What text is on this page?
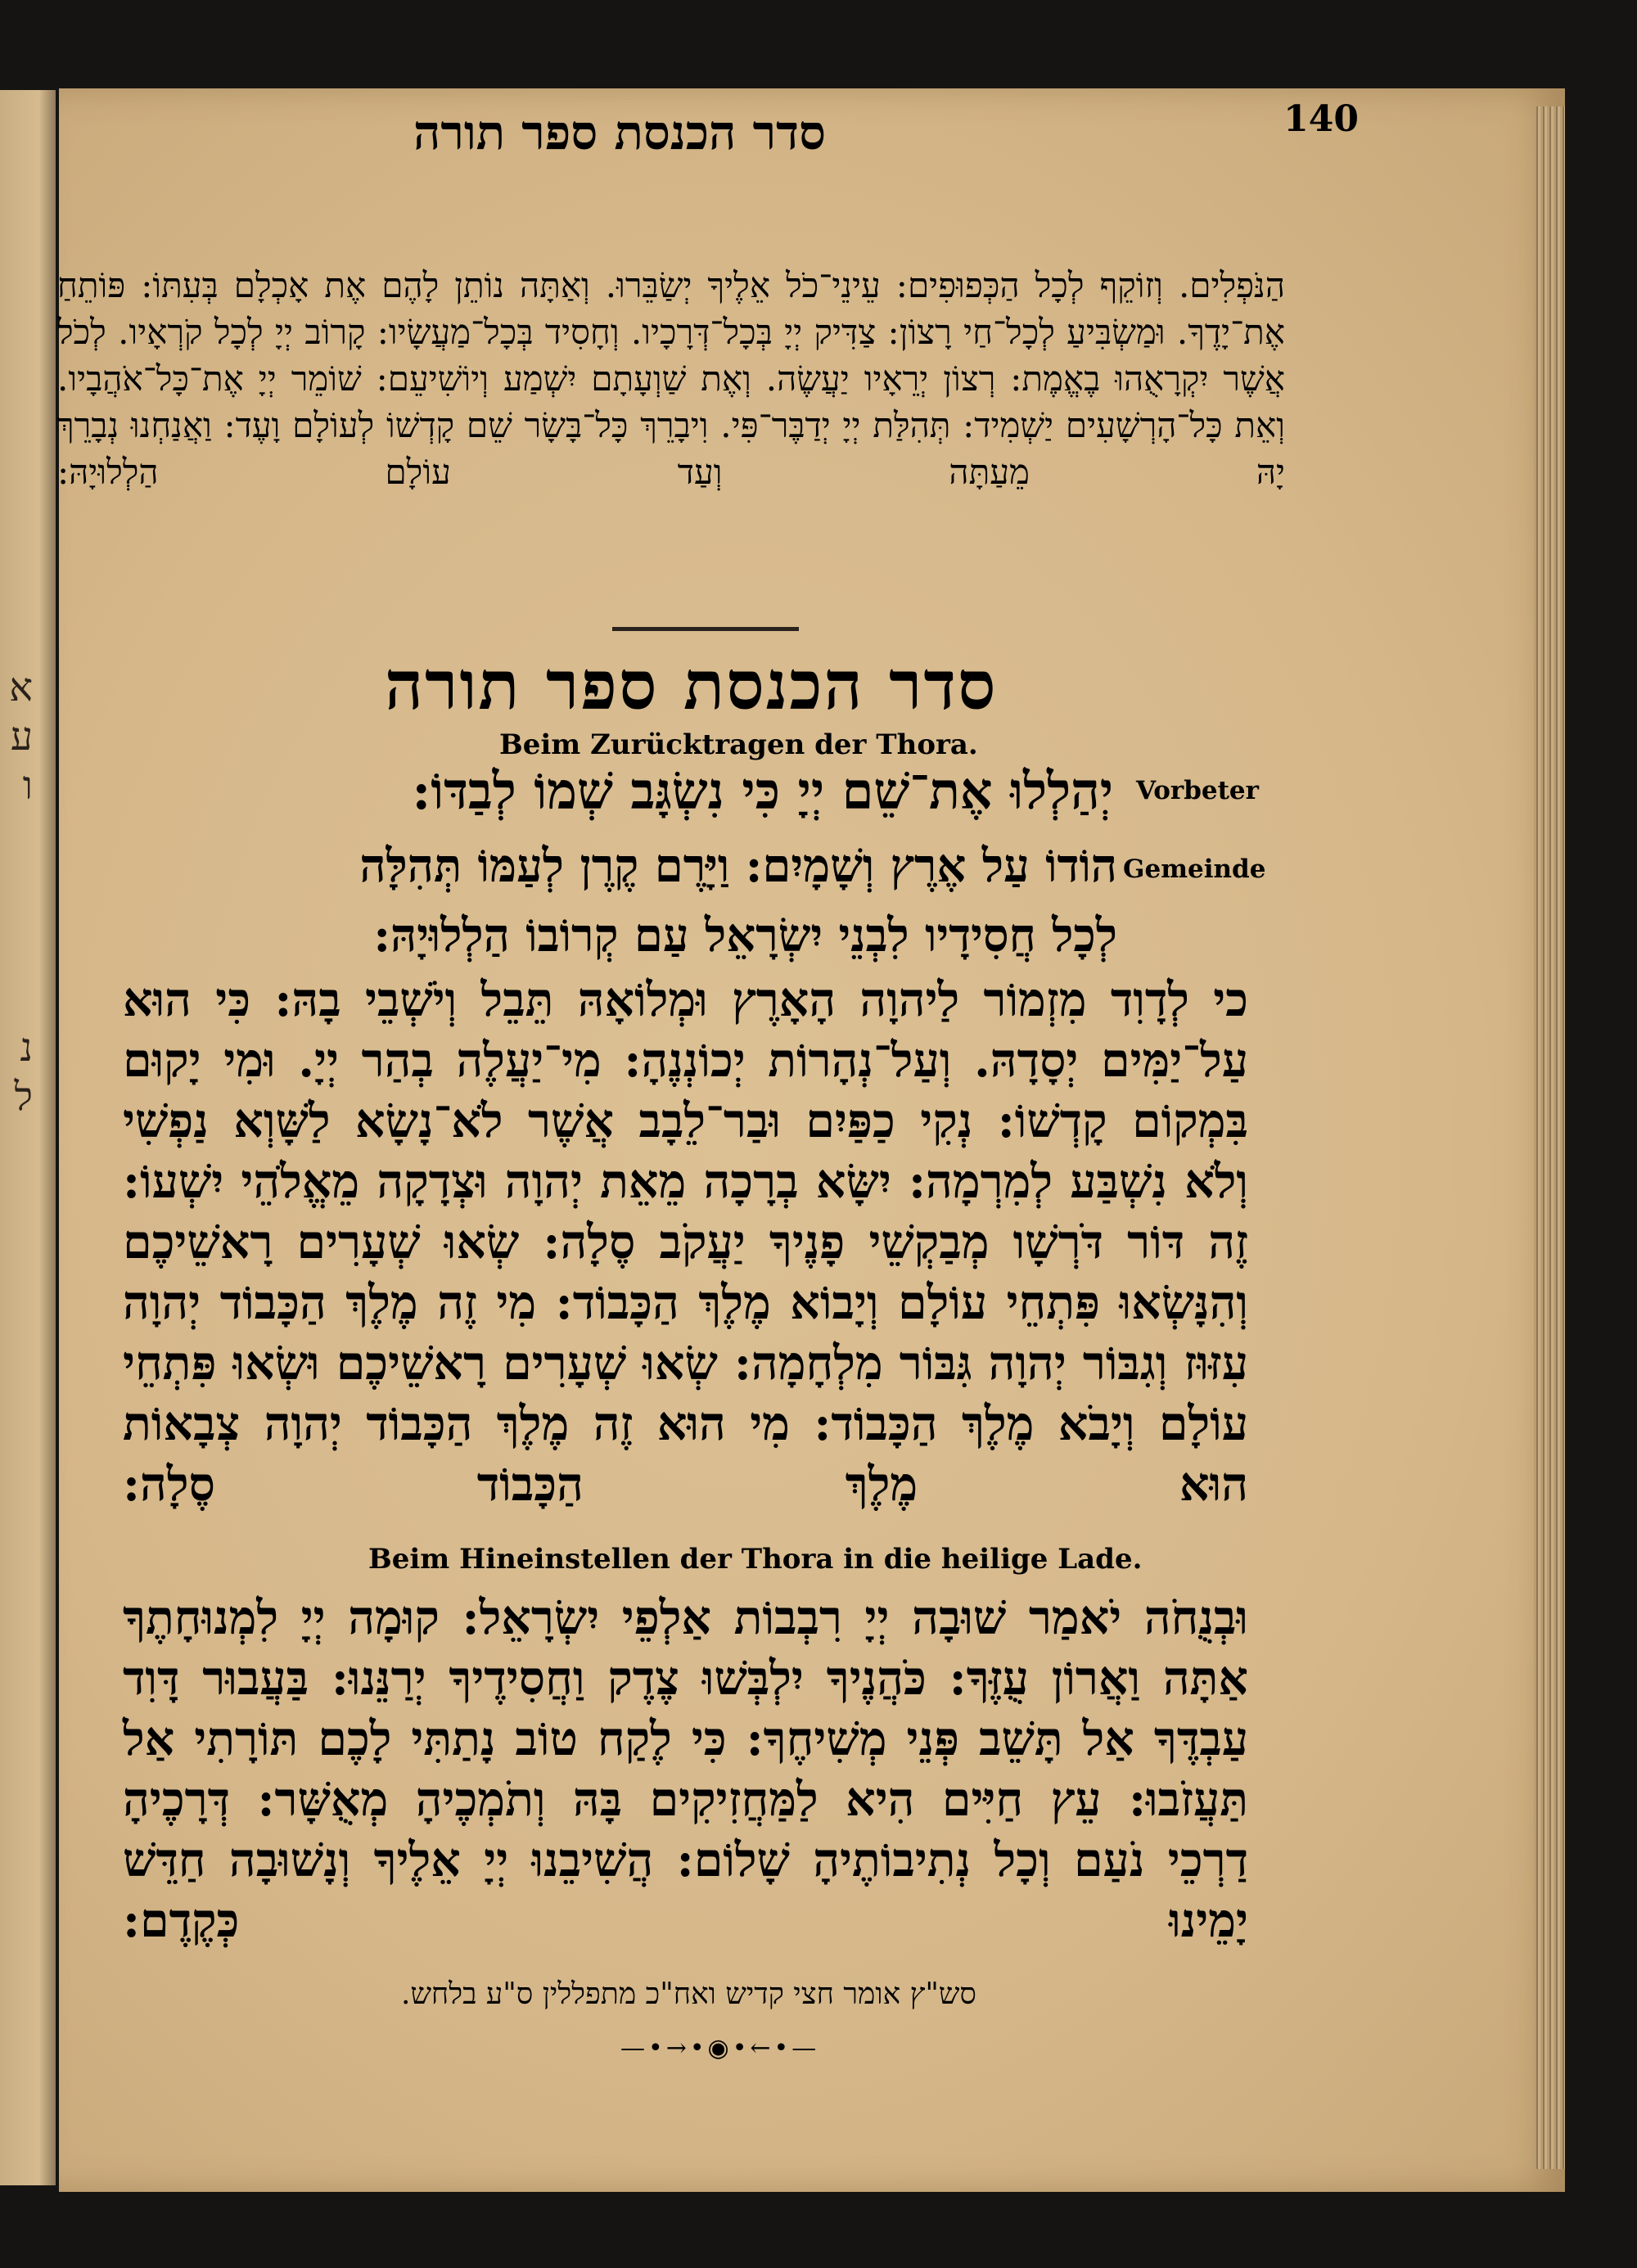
א
ע
ו
נ
ל
140
סדר הכנסת ספר תורה
הַנֹּפְלִים. וְזוֹקֵף לְכָל הַכְּפוּפִים: עֵינֵי־כֹל אֵלֶיךָ יְשַׂבֵּרוּ. וְאַתָּה נוֹתֵן לָהֶם אֶת אָכְלָם בְּעִתּוֹ: פּוֹתֵחַ אֶת־יָדֶךָ. וּמַשְׂבִּיעַ לְכָל־חַי רָצוֹן: צַדִּיק יְיָ בְּכָל־דְּרָכָיו. וְחָסִיד בְּכָל־מַעֲשָׂיו: קָרוֹב יְיָ לְכָל קֹרְאָיו. לְכֹל אֲשֶׁר יִקְרָאֻהוּ בֶאֱמֶת: רְצוֹן יְרֵאָיו יַעֲשֶׂה. וְאֶת שַׁוְעָתָם יִשְׁמַע וְיוֹשִׁיעֵם: שׁוֹמֵר יְיָ אֶת־כָּל־אֹהֲבָיו. וְאֵת כָּל־הָרְשָׁעִים יַשְׁמִיד: תְּהִלַּת יְיָ יְדַבֶּר־פִּי. וִיבָרֵךְ כָּל־בָּשָׂר שֵׁם קָדְשׁוֹ לְעוֹלָם וָעֶד: וַאֲנַחְנוּ נְבָרֵךְ יָהּ מֵעַתָּה וְעַד עוֹלָם הַלְלוּיָהּ:
סדר הכנסת ספר תורה
Beim Zurücktragen der Thora.
יְהַלְלוּ אֶת־שֵׁם יְיָ כִּי נִשְׂגָּב שְׁמוֹ לְבַדּוֹ: Vorbeter
הוֹדוֹ עַל אֶרֶץ וְשָׁמָיִם: וַיָּרֶם קֶרֶן לְעַמּוֹ תְּהִלָּה Gemeinde
לְכָל חֲסִידָיו לִבְנֵי יִשְׂרָאֵל עַם קְרוֹבוֹ הַלְלוּיָהּ:
כי לְדָוִד מִזְמוֹר לַיהוָה הָאָרֶץ וּמְלוֹאָהּ תֵּבֵל וְיֹשְׁבֵי בָהּ: כִּי הוּא עַל־יַמִּים יְסָדָהּ. וְעַל־נְהָרוֹת יְכוֹנְנֶהָ: מִי־יַעֲלֶה בְהַר יְיָ. וּמִי יָקוּם בִּמְקוֹם קָדְשׁוֹ: נְקִי כַפַּיִם וּבַר־לֵבָב אֲשֶׁר לֹא־נָשָׂא לַשָּׁוְא נַפְשִׁי וְלֹא נִשְׁבַּע לְמִרְמָה: יִשָּׂא בְרָכָה מֵאֵת יְהוָה וּצְדָקָה מֵאֱלֹהֵי יִשְׁעוֹ: זֶה דּוֹר דֹּרְשָׁו מְבַקְשֵׁי פָנֶיךָ יַעֲקֹב סֶלָה: שְׂאוּ שְׁעָרִים רָאשֵׁיכֶם וְהִנָּשְׂאוּ פִּתְחֵי עוֹלָם וְיָבוֹא מֶלֶךְ הַכָּבוֹד: מִי זֶה מֶלֶךְ הַכָּבוֹד יְהוָה עִזּוּז וְגִבּוֹר יְהוָה גִּבּוֹר מִלְחָמָה: שְׂאוּ שְׁעָרִים רָאשֵׁיכֶם וּשְׂאוּ פִּתְחֵי עוֹלָם וְיָבֹא מֶלֶךְ הַכָּבוֹד: מִי הוּא זֶה מֶלֶךְ הַכָּבוֹד יְהוָה צְבָאוֹת הוּא מֶלֶךְ הַכָּבוֹד סֶלָה:
Beim Hineinstellen der Thora in die heilige Lade.
וּבְנֻחֹה יֹאמַר שׁוּבָה יְיָ רִבְבוֹת אַלְפֵי יִשְׂרָאֵל: קוּמָה יְיָ לִמְנוּחָתֶךָ אַתָּה וַאֲרוֹן עֻזֶּךָ: כֹּהֲנֶיךָ יִלְבְּשׁוּ צֶדֶק וַחֲסִידֶיךָ יְרַנֵּנוּ: בַּעֲבוּר דָּוִד עַבְדֶּךָ אַל תָּשֵׁב פְּנֵי מְשִׁיחֶךָ: כִּי לֶקַח טוֹב נָתַתִּי לָכֶם תּוֹרָתִי אַל תַּעֲזֹבוּ: עֵץ חַיִּים הִיא לַמַּחֲזִיקִים בָּהּ וְתֹמְכֶיהָ מְאֻשָּׁר: דְּרָכֶיהָ דַרְכֵי נֹעַם וְכָל נְתִיבוֹתֶיהָ שָׁלוֹם: הֲשִׁיבֵנוּ יְיָ אֵלֶיךָ וְנָשׁוּבָה חַדֵּשׁ יָמֵינוּ כְּקֶדֶם:
סש"ץ אומר חצי קדיש ואח"כ מתפללין ס"ע בלחש.
—•→•◉•←•—
